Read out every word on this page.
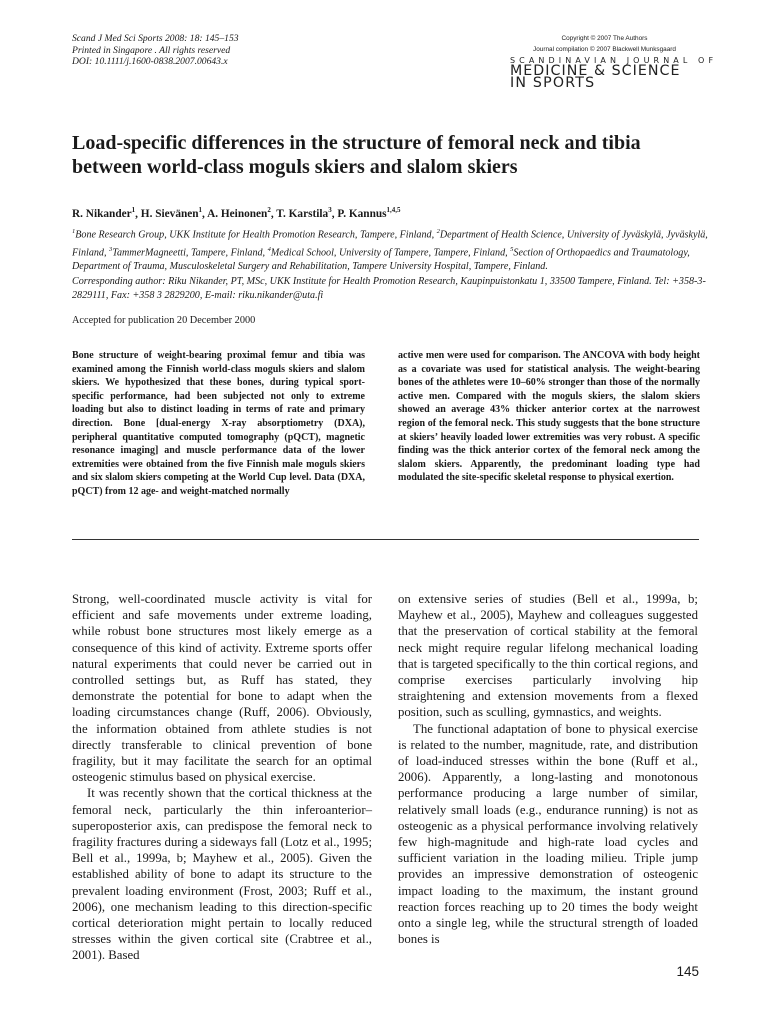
Scand J Med Sci Sports 2008: 18: 145–153
Printed in Singapore . All rights reserved
DOI: 10.1111/j.1600-0838.2007.00643.x
Copyright © 2007 The Authors
Journal compilation © 2007 Blackwell Munksgaard
SCANDINAVIAN JOURNAL OF
MEDICINE & SCIENCE
IN SPORTS
Load-specific differences in the structure of femoral neck and tibia between world-class moguls skiers and slalom skiers
R. Nikander$^1$, H. Sievänen$^1$, A. Heinonen$^2$, T. Karstila$^3$, P. Kannus$^{1,4,5}$
$^1$Bone Research Group, UKK Institute for Health Promotion Research, Tampere, Finland, $^2$Department of Health Science, University of Jyväskylä, Jyväskylä, Finland, $^3$TammerMagneetti, Tampere, Finland, $^4$Medical School, University of Tampere, Tampere, Finland, $^5$Section of Orthopaedics and Traumatology, Department of Trauma, Musculoskeletal Surgery and Rehabilitation, Tampere University Hospital, Tampere, Finland.
Corresponding author: Riku Nikander, PT, MSc, UKK Institute for Health Promotion Research, Kaupinpuistonkatu 1, 33500 Tampere, Finland. Tel: +358-3-2829111, Fax: +358 3 2829200, E-mail: riku.nikander@uta.fi
Accepted for publication 20 December 2000
Bone structure of weight-bearing proximal femur and tibia was examined among the Finnish world-class moguls skiers and slalom skiers. We hypothesized that these bones, during typical sport-specific performance, had been subjected not only to extreme loading but also to distinct loading in terms of rate and primary direction. Bone [dual-energy X-ray absorptiometry (DXA), peripheral quantitative computed tomography (pQCT), magnetic resonance imaging] and muscle performance data of the lower extremities were obtained from the five Finnish male moguls skiers and six slalom skiers competing at the World Cup level. Data (DXA, pQCT) from 12 age- and weight-matched normally
active men were used for comparison. The ANCOVA with body height as a covariate was used for statistical analysis. The weight-bearing bones of the athletes were 10–60% stronger than those of the normally active men. Compared with the moguls skiers, the slalom skiers showed an average 43% thicker anterior cortex at the narrowest region of the femoral neck. This study suggests that the bone structure at skiers’ heavily loaded lower extremities was very robust. A specific finding was the thick anterior cortex of the femoral neck among the slalom skiers. Apparently, the predominant loading type had modulated the site-specific skeletal response to physical exertion.

Strong, well-coordinated muscle activity is vital for efficient and safe movements under extreme loading, while robust bone structures most likely emerge as a consequence of this kind of activity. Extreme sports offer natural experiments that could never be carried out in controlled settings but, as Ruff has stated, they demonstrate the potential for bone to adapt when the loading circumstances change (Ruff, 2006). Obviously, the information obtained from athlete studies is not directly transferable to clinical prevention of bone fragility, but it may facilitate the search for an optimal osteogenic stimulus based on physical exercise.

It was recently shown that the cortical thickness at the femoral neck, particularly the thin inferoanterior–superoposterior axis, can predispose the femoral neck to fragility fractures during a sideways fall (Lotz et al., 1995; Bell et al., 1999a, b; Mayhew et al., 2005). Given the established ability of bone to adapt its structure to the prevalent loading environment (Frost, 2003; Ruff et al., 2006), one mechanism leading to this direction-specific cortical deterioration might pertain to locally reduced stresses within the given cortical site (Crabtree et al., 2001). Based

on extensive series of studies (Bell et al., 1999a, b; Mayhew et al., 2005), Mayhew and colleagues suggested that the preservation of cortical stability at the femoral neck might require regular lifelong mechanical loading that is targeted specifically to the thin cortical regions, and comprise exercises particularly involving hip straightening and extension movements from a flexed position, such as sculling, gymnastics, and weights.

The functional adaptation of bone to physical exercise is related to the number, magnitude, rate, and distribution of load-induced stresses within the bone (Ruff et al., 2006). Apparently, a long-lasting and monotonous performance producing a large number of similar, relatively small loads (e.g., endurance running) is not as osteogenic as a physical performance involving relatively few high-magnitude and high-rate load cycles and sufficient variation in the loading milieu. Triple jump provides an impressive demonstration of osteogenic impact loading to the maximum, the instant ground reaction forces reaching up to 20 times the body weight onto a single leg, while the structural strength of loaded bones is

145
